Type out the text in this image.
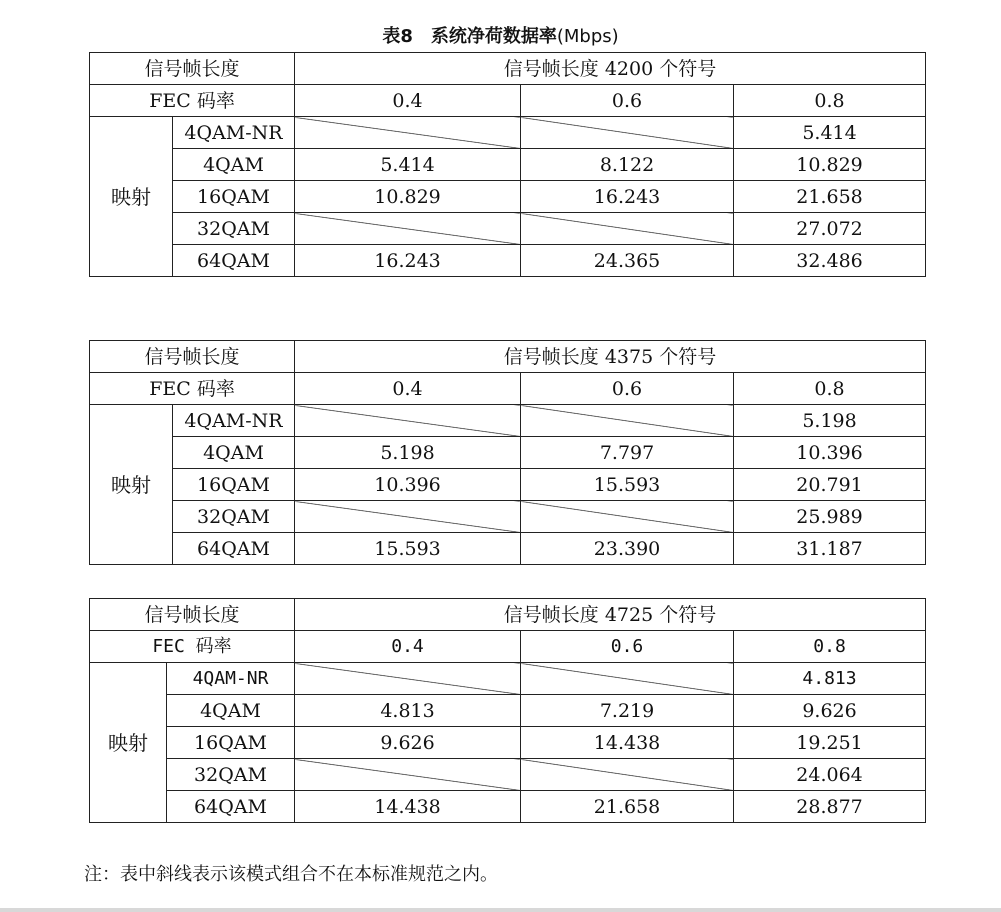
表8　系统净荷数据率(Mbps)
信号帧长度		信号帧长度 4200 个符号		
FEC 码率		0.4	0.6	0.8
映射	4QAM-NR			5.414
	4QAM	5.414	8.122	10.829
	16QAM	10.829	16.243	21.658
	32QAM			27.072
	64QAM	16.243	24.365	32.486
信号帧长度		信号帧长度 4375 个符号		
FEC 码率		0.4	0.6	0.8
映射	4QAM-NR			5.198
	4QAM	5.198	7.797	10.396
	16QAM	10.396	15.593	20.791
	32QAM			25.989
	64QAM	15.593	23.390	31.187
信号帧长度		信号帧长度 4725 个符号		
FEC 码率		0.4	0.6	0.8
映射	4QAM-NR			4.813
	4QAM	4.813	7.219	9.626
	16QAM	9.626	14.438	19.251
	32QAM			24.064
	64QAM	14.438	21.658	28.877
注：表中斜线表示该模式组合不在本标准规范之内。
